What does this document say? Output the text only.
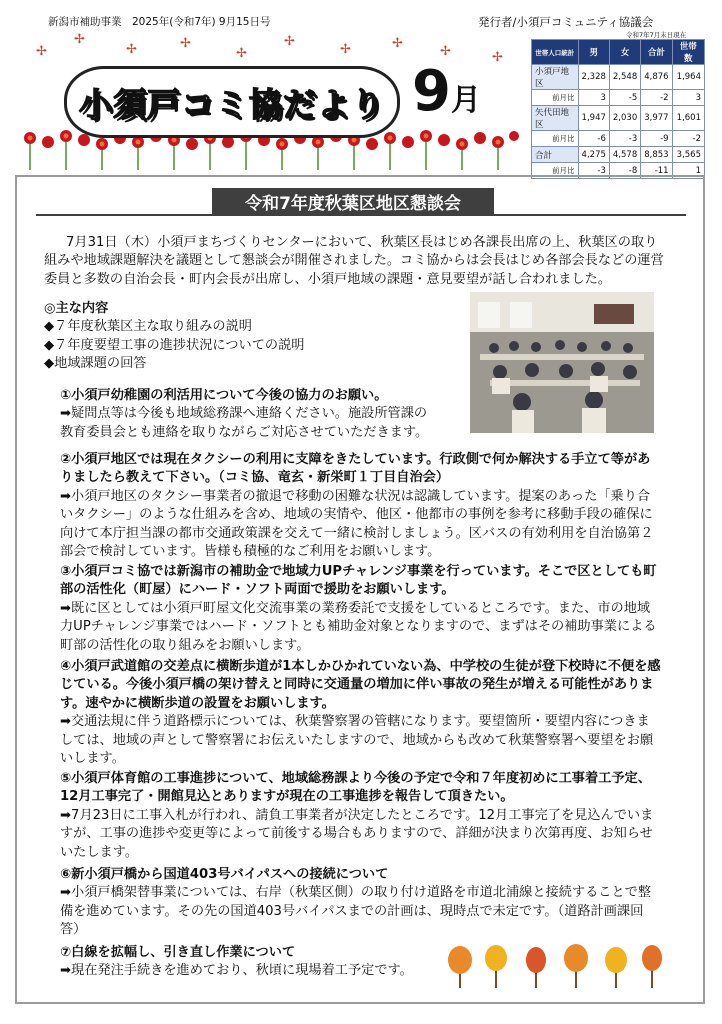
新潟市補助事業　2025年(令和7年) 9月15日号	発行者/小須戸コミュニティ協議会
✢
✢
✢	✢
✢
✢
✢	✢
✢	✢
小須戸コミ協だより 9月
令和7年7月末日現在
世帯人口統計	男	女	合計	世帯数
小須戸地区	2,328	2,548	4,876	1,964
前月比	3	-5	-2	3
矢代田地区	1,947	2,030	3,977	1,601
前月比	-6	-3	-9	-2
合計	4,275	4,578	8,853	3,565
前月比	-3	-8	-11	1
令和7年度秋葉区地区懇談会
7月31日（木）小須戸まちづくりセンターにおいて、秋葉区長はじめ各課長出席の上、秋葉区の取り組みや地域課題解決を議題として懇談会が開催されました。コミ協からは会長はじめ各部会長などの運営委員と多数の自治会長・町内会長が出席し、小須戸地域の課題・意見要望が話し合われました。
◎主な内容
◆７年度秋葉区主な取り組みの説明
◆７年度要望工事の進捗状況についての説明
◆地域課題の回答
①小須戸幼稚園の利活用について今後の協力のお願い。
➡疑問点等は今後も地域総務課へ連絡ください。施設所管課の教育委員会とも連絡を取りながらご対応させていただきます。
②小須戸地区では現在タクシーの利用に支障をきたしています。行政側で何か解決する手立て等がありましたら教えて下さい。（コミ協、竜玄・新栄町１丁目自治会）
➡小須戸地区のタクシー事業者の撤退で移動の困難な状況は認識しています。提案のあった「乗り合いタクシー」のような仕組みを含め、地域の実情や、他区・他都市の事例を参考に移動手段の確保に向けて本庁担当課の都市交通政策課を交えて一緒に検討しましょう。区バスの有効利用を自治協第２部会で検討しています。皆様も積極的なご利用をお願いします。
③小須戸コミ協では新潟市の補助金で地域力UPチャレンジ事業を行っています。そこで区としても町部の活性化（町屋）にハード・ソフト両面で援助をお願いします。
➡既に区としては小須戸町屋文化交流事業の業務委託で支援をしているところです。また、市の地域力UPチャレンジ事業ではハード・ソフトとも補助金対象となりますので、まずはその補助事業による町部の活性化の取り組みをお願いします。
④小須戸武道館の交差点に横断歩道が1本しかひかれていない為、中学校の生徒が登下校時に不便を感じている。今後小須戸橋の架け替えと同時に交通量の増加に伴い事故の発生が増える可能性があります。速やかに横断歩道の設置をお願いします。
➡交通法規に伴う道路標示については、秋葉警察署の管轄になります。要望箇所・要望内容につきましては、地域の声として警察署にお伝えいたしますので、地域からも改めて秋葉警察署へ要望をお願いします。
⑤小須戸体育館の工事進捗について、地域総務課より今後の予定で令和７年度初めに工事着工予定、12月工事完了・開館見込とありますが現在の工事進捗を報告して頂きたい。
➡7月23日に工事入札が行われ、請負工事業者が決定したところです。12月工事完了を見込んでいますが、工事の進捗や変更等によって前後する場合もありますので、詳細が決まり次第再度、お知らせいたします。
⑥新小須戸橋から国道403号バイパスへの接続について
➡小須戸橋架替事業については、右岸（秋葉区側）の取り付け道路を市道北浦線と接続することで整備を進めています。その先の国道403号バイパスまでの計画は、現時点で未定です。（道路計画課回答）
⑦白線を拡幅し、引き直し作業について
➡現在発注手続きを進めており、秋頃に現場着工予定です。
